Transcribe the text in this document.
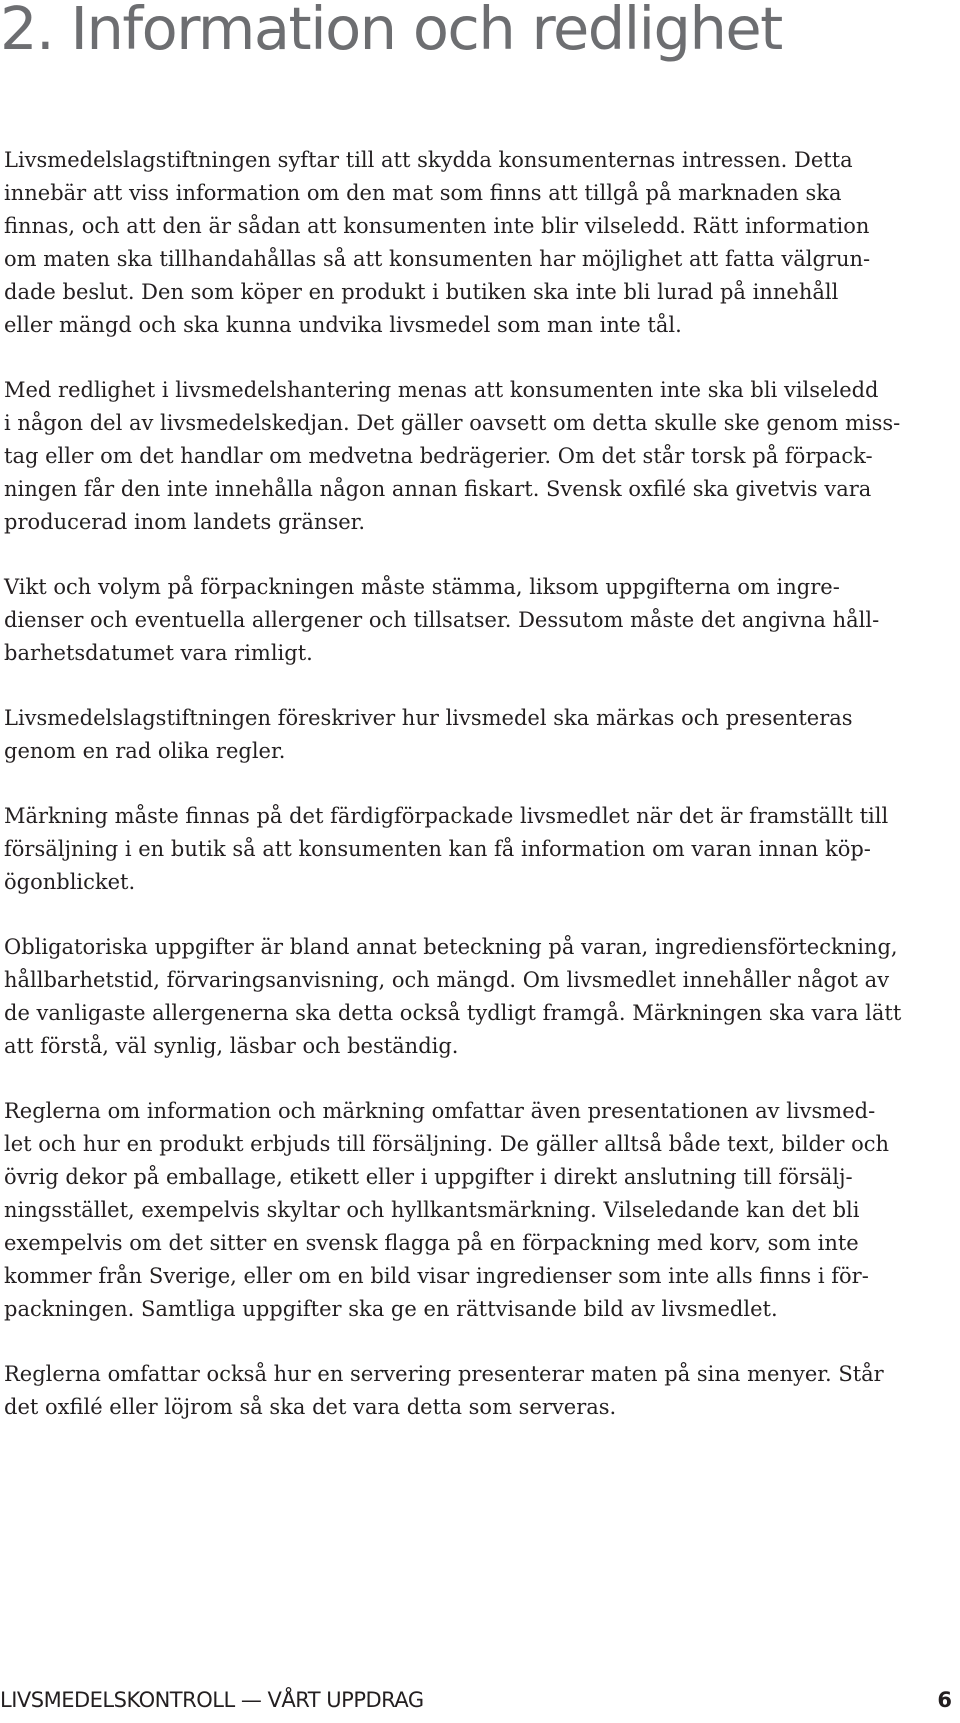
2. Information och redlighet

Livsmedelslagstiftningen syftar till att skydda konsumenternas intressen. Detta
innebär att viss information om den mat som finns att tillgå på marknaden ska
finnas, och att den är sådan att konsumenten inte blir vilseledd. Rätt information
om maten ska tillhandahållas så att konsumenten har möjlighet att fatta välgrun-
dade beslut. Den som köper en produkt i butiken ska inte bli lurad på innehåll
eller mängd och ska kunna undvika livsmedel som man inte tål.

Med redlighet i livsmedelshantering menas att konsumenten inte ska bli vilseledd
i någon del av livsmedelskedjan. Det gäller oavsett om detta skulle ske genom miss-
tag eller om det handlar om medvetna bedrägerier. Om det står torsk på förpack-
ningen får den inte innehålla någon annan fiskart. Svensk oxfilé ska givetvis vara
producerad inom landets gränser.

Vikt och volym på förpackningen måste stämma, liksom uppgifterna om ingre-
dienser och eventuella allergener och tillsatser. Dessutom måste det angivna håll-
barhetsdatumet vara rimligt.

Livsmedelslagstiftningen föreskriver hur livsmedel ska märkas och presenteras
genom en rad olika regler.

Märkning måste finnas på det färdigförpackade livsmedlet när det är framställt till
försäljning i en butik så att konsumenten kan få information om varan innan köp-
ögonblicket.

Obligatoriska uppgifter är bland annat beteckning på varan, ingrediensförteckning,
hållbarhetstid, förvaringsanvisning, och mängd. Om livsmedlet innehåller något av
de vanligaste allergenerna ska detta också tydligt framgå. Märkningen ska vara lätt
att förstå, väl synlig, läsbar och beständig.

Reglerna om information och märkning omfattar även presentationen av livsmed-
let och hur en produkt erbjuds till försäljning. De gäller alltså både text, bilder och
övrig dekor på emballage, etikett eller i uppgifter i direkt anslutning till försälj-
ningsstället, exempelvis skyltar och hyllkantsmärkning. Vilseledande kan det bli
exempelvis om det sitter en svensk flagga på en förpackning med korv, som inte
kommer från Sverige, eller om en bild visar ingredienser som inte alls finns i för-
packningen. Samtliga uppgifter ska ge en rättvisande bild av livsmedlet.

Reglerna omfattar också hur en servering presenterar maten på sina menyer. Står
det oxfilé eller löjrom så ska det vara detta som serveras.

LIVSMEDELSKONTROLL — VÅRT UPPDRAG	6
